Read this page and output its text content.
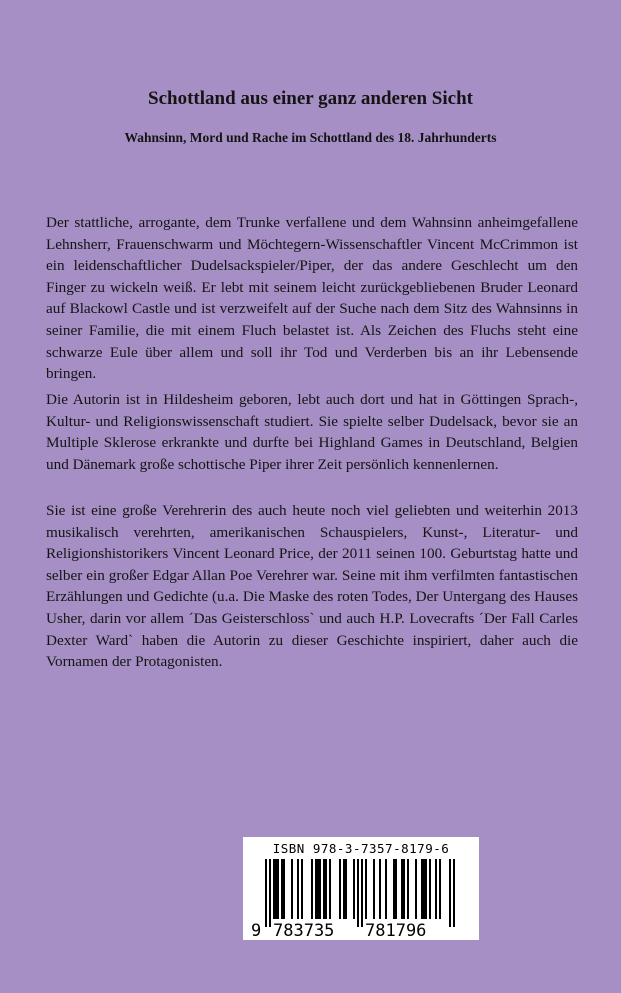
Schottland aus einer ganz anderen Sicht
Wahnsinn, Mord und Rache im Schottland des 18. Jahrhunderts

Der stattliche, arrogante, dem Trunke verfallene und dem Wahnsinn anheimgefallene Lehnsherr, Frauenschwarm und Möchtegern-Wissenschaftler Vincent McCrimmon ist ein leidenschaftlicher Dudelsackspieler/Piper, der das andere Geschlecht um den Finger zu wickeln weiß. Er lebt mit seinem leicht zurückgebliebenen Bruder Leonard auf Blackowl Castle und ist verzweifelt auf der Suche nach dem Sitz des Wahnsinns in seiner Familie, die mit einem Fluch belastet ist. Als Zeichen des Fluchs steht eine schwarze Eule über allem und soll ihr Tod und Verderben bis an ihr Lebensende bringen.

Die Autorin ist in Hildesheim geboren, lebt auch dort und hat in Göttingen Sprach-, Kultur- und Religionswissenschaft studiert. Sie spielte selber Dudelsack, bevor sie an Multiple Sklerose erkrankte und durfte bei Highland Games in Deutschland, Belgien und Dänemark große schottische Piper ihrer Zeit persönlich kennenlernen.

Sie ist eine große Verehrerin des auch heute noch viel geliebten und weiterhin 2013 musikalisch verehrten, amerikanischen Schauspielers, Kunst-, Literatur- und Religionshistorikers Vincent Leonard Price, der 2011 seinen 100. Geburtstag hatte und selber ein großer Edgar Allan Poe Verehrer war. Seine mit ihm verfilmten fantastischen Erzählungen und Gedichte (u.a. Die Maske des roten Todes, Der Untergang des Hauses Usher, darin vor allem ´Das Geisterschloss` und auch H.P. Lovecrafts ´Der Fall Carles Dexter Ward` haben die Autorin zu dieser Geschichte inspiriert, daher auch die Vornamen der Protagonisten.

ISBN 978-3-7357-8179-6
9 783735 781796
